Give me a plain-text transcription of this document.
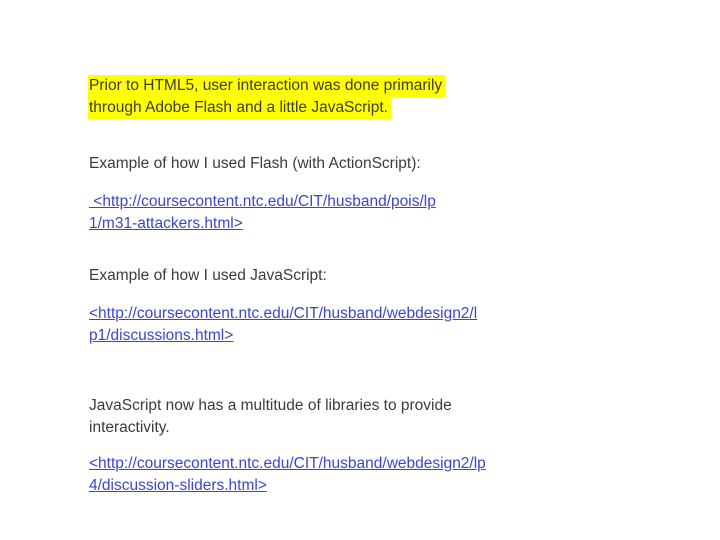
Prior to HTML5, user interaction was done primarily
through Adobe Flash and a little JavaScript.

Example of how I used Flash (with ActionScript):

<http://coursecontent.ntc.edu/CIT/husband/pois/lp
1/m31-attackers.html>

Example of how I used JavaScript:

<http://coursecontent.ntc.edu/CIT/husband/webdesign2/l
p1/discussions.html>

JavaScript now has a multitude of libraries to provide
interactivity.

<http://coursecontent.ntc.edu/CIT/husband/webdesign2/lp
4/discussion-sliders.html>
